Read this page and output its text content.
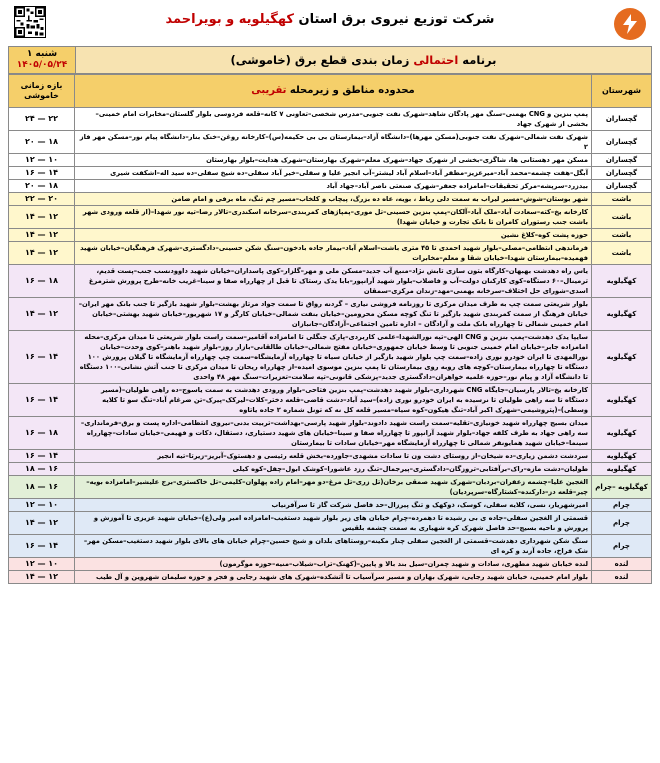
شرکت توزیع نیروی برق استان کهگیلویه و بویراحمد
برنامه

احتمالی

زمان بندی قطع برق (خاموشی)
شنبه ۱
۱۴۰۵/۰۵/۲۴
شهرستان	محدوده مناطق و زیرمحله تقریبی	بازه زمانی خاموشی
گچساران	پمپ بنزین و CNG بهمنی–سنگ مهر پادگان شاهد–شهرک نفت جنوبی–مدرس شخصی–تعاونی ۷ کانه–قلعه فردوسی بلوار گلستان–مخابرات امام خمینی–بخشی از شهرک جهاد	۲۴ — ۲۲
گچساران	شهرک نفت شمالی–شهرک نفت جنوبی(مسکن مهرها)–دانشگاه آزاد–بیمارستان بی بی حکیمه(س)–کارخانه روغن–خنک بنار–دانشگاه پیام نور–مسکن مهر فاز ۲	۲۰ — ۱۸
گچساران	مسکن مهر دهستانی ها، شاگزی–بخشی از شهرک جهاد–شهرک معلم–شهرک بهارستان–شهرک هدایت–بلوار بهارستان	۱۲ — ۱۰
گچساران	آبگل–هفت چشمه–محمد آباد–میرعزیز–مظفر آباد–اسلام آباد لیشتر–آب انجیر علیا و سفلی–خیر آباد سفلی–ده شیخ سفلی–ده سید اله–اشکفت شیری	۱۶ — ۱۴
گچساران	بیدزرد–سرپشه–مرکز تحقیقات–امامزاده جعفر–شهرک صنعتی ناصر آباد–جهاد آباد	۲۰ — ۱۸
باشت	شهر بوستان–شوش–مسیر لیراب به سمت دلی رباط ، بویه، عاه ده بزرگ، پیچاب و کلخاب–مسیر چم تنگ، ماه برفی و امام ضامن	۲۲ — ۲۰
باشت	کارخانه یخ–کته–سعادت آباد–ملک آباد–آلکان–پمپ بنزین حسینی–تل موری–پمپاژهای کمربندی–سرخانه اسکندری–تالار رضا–تیه نور شهدا–(از قلعه ورودی شهر باشت جنب رستوران کامران تا بانک تجارت و خیابان شهدا)	۱۴ — ۱۲
باشت	حوزه پشت کوه–کلاغ نشین	۱۴ — ۱۲
باشت	فرماندهی انتظامی–مصلی–بلوار شهید احمدی تا ۴۵ متری باشت–اسلام آباد–بیمار جاده بادخون–سنگ شکن حسینی–دادگستری–شهرک فرهنگیان–خیابان شهید فهمیده–بیمارستان شهدا–خیابان شقا و معلم–مخابرات	۱۴ — ۱۲
کهگیلویه	یاس راه دهدشت بهبهان–کارگاه بتون سازی تابش نژاد–منبع آب جدید–مسکن ملی و مهر–گلزار–کوی پاسداران–خیابان شهید داوودنسب جنب–پست قدیم، ترمینال–۶۰ دستگاه–کوی کارکنان دولت–آب و فاضلاب–بلوار شهید آرانپور–بابا یدک رستاک تا قبل از چهارراه صفا و سینا–غریب خانه–طرح پرورش شترمرغ اسدی–شورای حل اختلاف–سرخانه بهمنی–مهد–زندان مرکزی–سمقان	۱۶ — ۱۸
کهگیلویه	بلوار شریعتی سمت چپ به طرف میدان مرکزی تا روزنامه فروشی نیاری – گردنه رواق تا سمت جواد مرتاز بهشت–بلوار شهید بازگیر تا جنب بانک مهر ایران–خیابان فرهنگ از سمت کمربندی شهید بازگیر تا تنگ کوچه مسکن محرومین–خیابان بنفت شمالی–خیابان کارگر و ۱۷ شهریور–خیابان شهید بهشتی–خیابان امام خمینی شمالی تا چهارراه بانک ملت و آزادگان – اداره تامین اجتماعی–آزادگان–جانبازان	۱۴ — ۱۲
کهگیلویه	سایپا یدک دهدشت–پمپ بنزین و CNG الهی–تپه نورالشهدا–علمی کاربردی–پارک جنگلی تا امامزاده آقامیر–سمت راست بلوار شریعتی تا میدان مرکزی–محله امامزاده جابر–خیابان امام خمینی جنوبی تا وسط خیابان جمهوری–خیابان مفتح شمالی–خیابان طالقانی–بازار روز–بلوار شهید باهنر–کوی وحدت–خیابان نورالمهدی تا ایران خودرو نوری زاده–سمت چپ بلوار شهید بازگیر از خیابان سیاه تا چهارراه آزمایشگاه–سمت چپ چهارراه آزمایشگاه تا گیلان پرورش ۱۰۰ دستگاه تا چهارراه بیمارستان–کوچه های روبه روی بیمارستان تا پمپ بنزین موسوی امیده–از چهارراه ریحان تا میدان مرکزی تا جنب آتش نشانی–۱۰۰ دستگاه تا دانشگاه آزاد و پیام نور–حوزه علمیه خواهران–دادگستری جدید–پزشکی قانونی–تپه سلامت–تعزیرات–سنگ مهر ۴۸ واحدی	۱۶ — ۱۴
کهگیلویه	کارخانه یخ–تالار پارسیان–جایگاه CNG شهرداری–بلوار شهید دهدشت–پمپ بنزین فتاحی–بلوار ورودی دهدشت به سمت یاسوج–ده راهی طولیان–(مسیر دستگاه تا سه راهی طولیان تا نرسیده به ایران خودرو نوری زاده)–سید آباد–دشت قاضی–قلعه دختر–کلات–لیرکک–پیرک–تن ضرغام آباد–تنگ سو تا کلایه وسطی)–(پتروشیمی–شهرک اکبر آباد–تنگ هیکون–کوه سیاه–مسیر قلعه کل نه که تونل شماره ۲ جاده یاتاوه	۱۶ — ۱۴
کهگیلویه	میدان بسیج چهارراه شهید خونیازی–تقلیه–سمت راست شهید دادوند–بلوار شهید پارسی–بهداشت–تربیت بدنی–نیروی انتظامی–اداره پست و برق–فرمانداری–سه راهی جهاد به طرف کلفه جهاد–بلوار شهید آرانپور تا چهارراه صفا و سینا–خیابان های شهید دستیاری، دستقال، ذکات و فهیمی–خیابان سادات–چهارراه سینما–خیابان شهید همایونفر شمالی تا چهارراه آزمایشگاه مهر–خیابان سادات تا بیمارستان	۱۶ — ۱۸
کهگیلویه	سردشت دشمن زیاری–ده شیخان–از روستای دشت ون تا سادات مشهدی–جاورده–بخش قلعه رئیسی و دهستوک–آبریز–زیرتا–تیه انجیر	۱۶ — ۱۴
کهگیلویه	طولیان–دشت مازه–راک–برآفتابی–تروزگان–دادگستری–پیرجمال–تنگ رزد عاشورا–کوشک ابول–چفل–کوه کیلی	۱۸ — ۱۶
کهگیلویه –چرام	الغجین علیا–چشمه زعفران–بردبان–شهرک شهید صمقی برخان(تل زری–تل مرغ–دو مهر–امام زاده پهلوان–کلیمی–تل خاکستری–برج علیشیر–امامزاده بویه–چیر–قلعه دز–دارکنده–کشتارگاه–سرپردیان)	۱۸ — ۱۶
چرام	امیرشهریار، نسی، کلایه سفلی، کوسک، ذوکهک و تنگ پیرزال–حد فاصل شرکت گاز تا سرآفرنیاب	۱۲ — ۱۰
چرام	قسمتی از الغجین سفلی–جاده ی بی رشیده تا دهمرده–چرام خیابان های زیر بلوار شهید دستغیب–امامزاده امیر ولی(ع)–خیابان شهید عزیزی تا آموزش و پرورش و ناحیه بسیج–حد فاصل شهرک کره شهیاری به سمت چشمه بلقیس	۱۴ — ۱۲
چرام	سنگ شکن شهرداری دهدشت–قسمتی از الغجین سفلی چنار مکینه–روستاهای بلدان و شیخ حسین–چرام خیابان های بالای بلوار شهید دستغیب–مسکن مهر–شک فراخ، جاده آزند و کره ای	۱۶ — ۱۴
لنده	لنده خیابان شهید مطهری، سادات و شهید چمران–سیل بند بالا و پایین–(کهنک–تراب–شیلاب–منیه–حوزه موگرمون)	۱۲ — ۱۰
لنده	بلوار امام خمینی، خیابان شهید رجایی، شهرک بهاران و مسیر سرآسیاب تا آتشکده–شهرک های شهید رجایی و فجر و حوزه سلیمان شهروین و آل طیب	۱۴ — ۱۲
